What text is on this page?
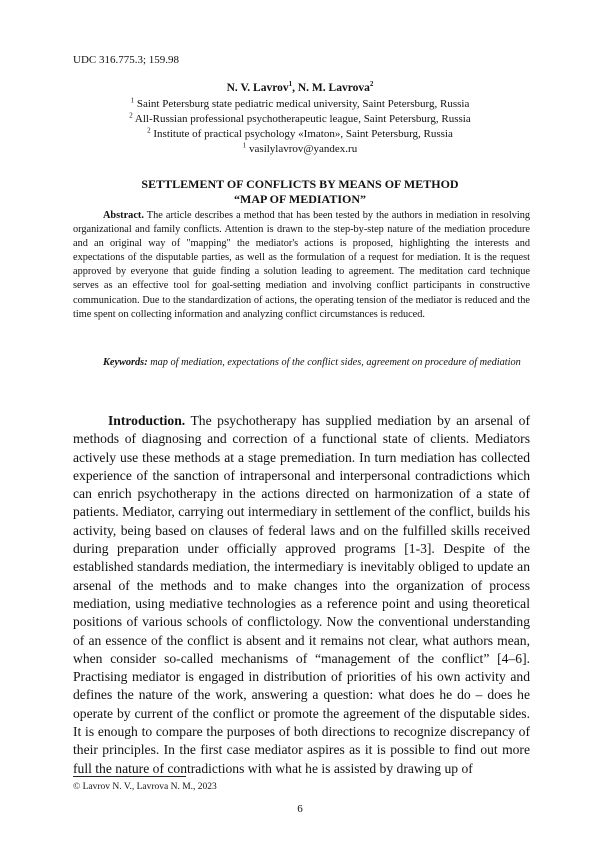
UDC 316.775.3; 159.98
N. V. Lavrov$^1$, N. M. Lavrova$^2$
$^1$ Saint Petersburg state pediatric medical university, Saint Petersburg, Russia
$^2$ All-Russian professional psychotherapeutic league, Saint Petersburg, Russia
$^2$ Institute of practical psychology «Imaton», Saint Petersburg, Russia
$^1$ vasilylavrov@yandex.ru
SETTLEMENT OF CONFLICTS BY MEANS OF METHOD
“MAP OF MEDIATION”
Abstract. The article describes a method that has been tested by the authors in mediation in resolving organizational and family conflicts. Attention is drawn to the step-by-step nature of the mediation procedure and an original way of "mapping" the mediator's actions is proposed, highlighting the interests and expectations of the disputable parties, as well as the formulation of a request for mediation. It is the request approved by everyone that guide finding a solution leading to agreement. The meditation card technique serves as an effective tool for goal-setting mediation and involving conflict participants in constructive communication. Due to the standardization of actions, the operating tension of the mediator is reduced and the time spent on collecting information and analyzing conflict circumstances is reduced.
Keywords: map of mediation, expectations of the conflict sides, agreement on procedure of mediation
Introduction. The psychotherapy has supplied mediation by an arsenal of methods of diagnosing and correction of a functional state of clients. Mediators actively use these methods at a stage premediation. In turn mediation has collected experience of the sanction of intrapersonal and interpersonal contradictions which can enrich psychotherapy in the actions directed on harmonization of a state of patients. Mediator, carrying out intermediary in settlement of the conflict, builds his activity, being based on clauses of federal laws and on the fulfilled skills received during preparation under officially approved programs [1-3]. Despite of the established standards mediation, the intermediary is inevitably obliged to update an arsenal of the methods and to make changes into the organization of process mediation, using mediative technologies as a reference point and using theoretical positions of various schools of conflictology. Now the conventional understanding of an essence of the conflict is absent and it remains not clear, what authors mean, when consider so-called mechanisms of “management of the conflict” [4–6]. Practising mediator is engaged in distribution of priorities of his own activity and defines the nature of the work, answering a question: what does he do – does he operate by current of the conflict or promote the agreement of the disputable sides. It is enough to compare the purposes of both directions to recognize discrepancy of their principles. In the first case mediator aspires as it is possible to find out more full the nature of contradictions with what he is assisted by drawing up of
© Lavrov N. V., Lavrova N. M., 2023
6
